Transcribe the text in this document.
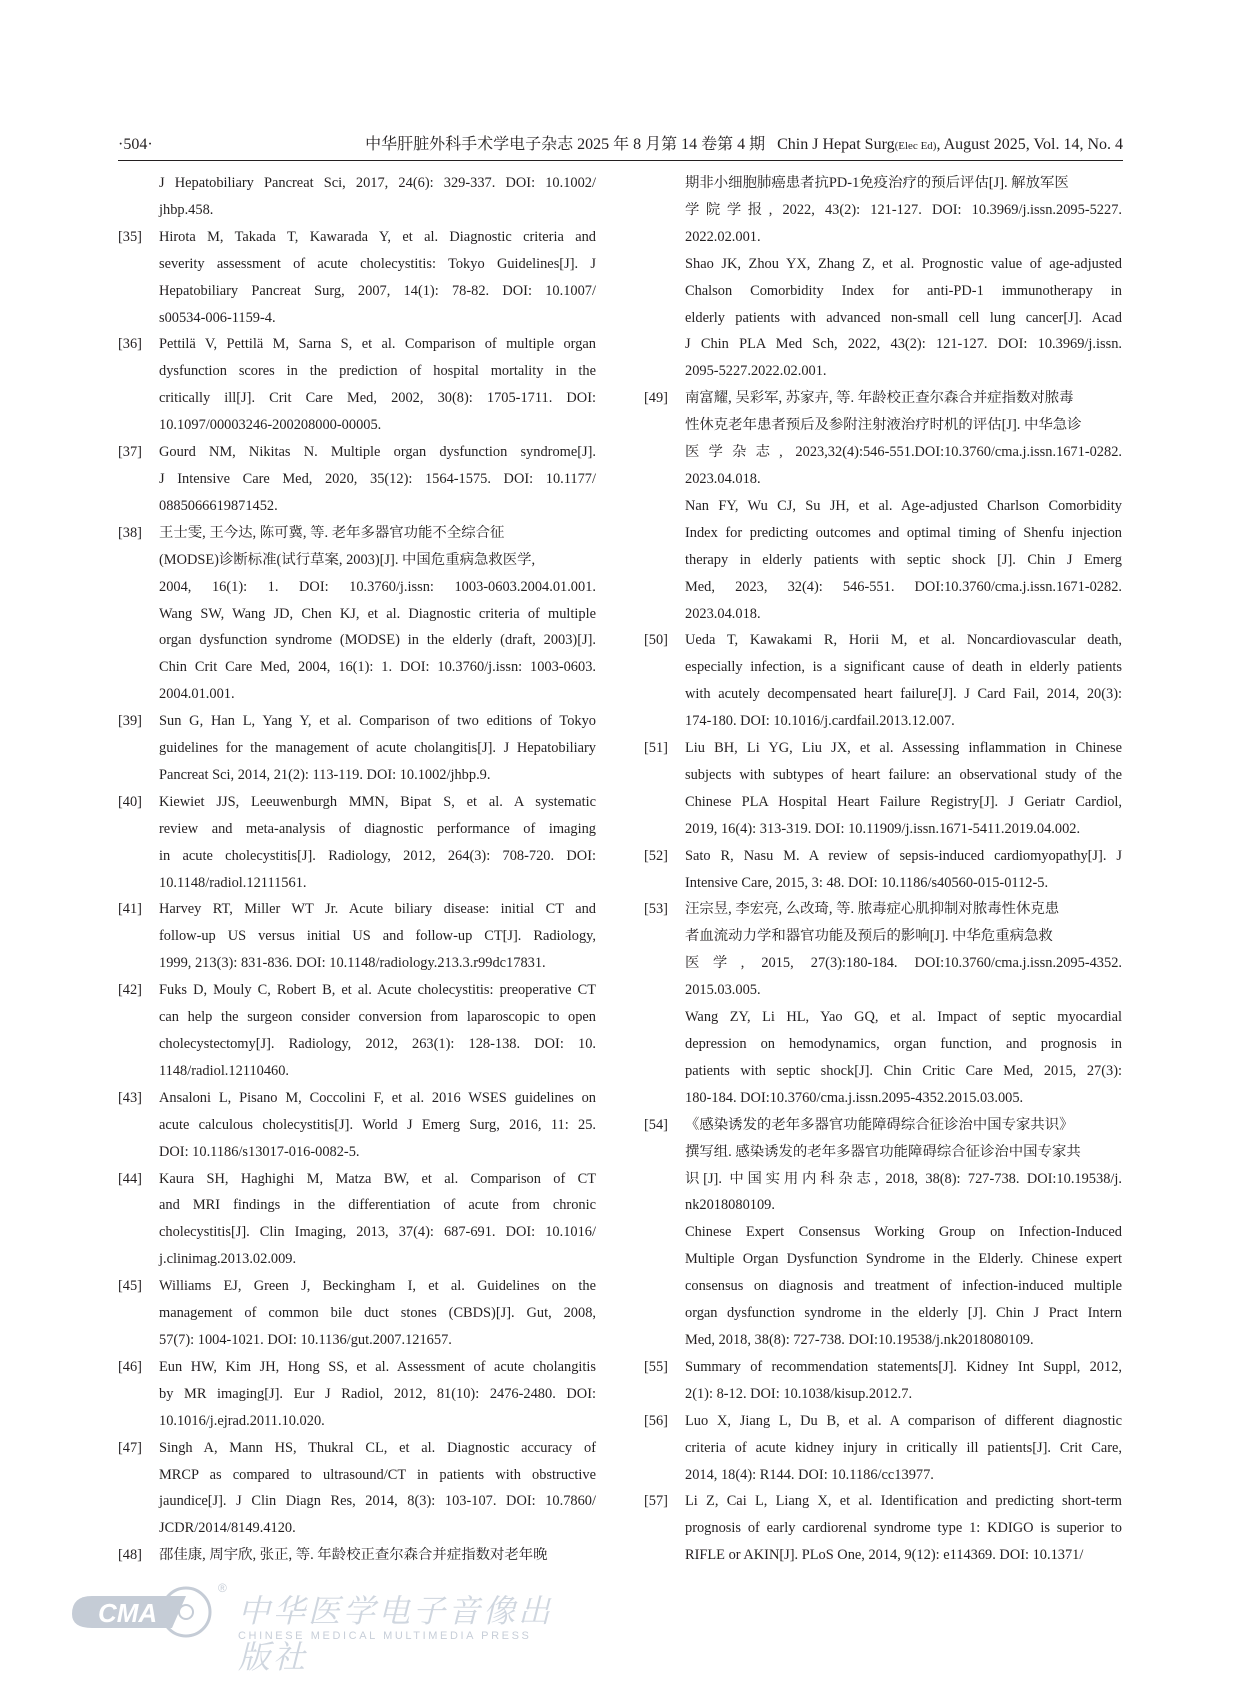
·504·	中华肝脏外科手术学电子杂志 2025 年 8 月第 14 卷第 4 期 Chin J Hepat Surg(Elec Ed), August 2025, Vol. 14, No. 4
J Hepatobiliary Pancreat Sci, 2017, 24(6): 329-337. DOI: 10.1002/
jhbp.458.
[35] Hirota M, Takada T, Kawarada Y, et al. Diagnostic criteria and
severity assessment of acute cholecystitis: Tokyo Guidelines[J]. J
Hepatobiliary Pancreat Surg, 2007, 14(1): 78-82. DOI: 10.1007/
s00534-006-1159-4.
[36] Pettilä V, Pettilä M, Sarna S, et al. Comparison of multiple organ
dysfunction scores in the prediction of hospital mortality in the
critically ill[J]. Crit Care Med, 2002, 30(8): 1705-1711. DOI:
10.1097/00003246-200208000-00005.
[37] Gourd NM, Nikitas N. Multiple organ dysfunction syndrome[J].
J Intensive Care Med, 2020, 35(12): 1564-1575. DOI: 10.1177/
0885066619871452.
[38] 王士雯, 王今达, 陈可冀, 等. 老年多器官功能不全综合征
(MODSE)诊断标准(试行草案, 2003)[J]. 中国危重病急救医学,
2004, 16(1): 1. DOI: 10.3760/j.issn: 1003-0603.2004.01.001.
Wang SW, Wang JD, Chen KJ, et al. Diagnostic criteria of multiple
organ dysfunction syndrome (MODSE) in the elderly (draft, 2003)[J].
Chin Crit Care Med, 2004, 16(1): 1. DOI: 10.3760/j.issn: 1003-0603.
2004.01.001.
[39] Sun G, Han L, Yang Y, et al. Comparison of two editions of Tokyo
guidelines for the management of acute cholangitis[J]. J Hepatobiliary
Pancreat Sci, 2014, 21(2): 113-119. DOI: 10.1002/jhbp.9.
[40] Kiewiet JJS, Leeuwenburgh MMN, Bipat S, et al. A systematic
review and meta-analysis of diagnostic performance of imaging
in acute cholecystitis[J]. Radiology, 2012, 264(3): 708-720. DOI:
10.1148/radiol.12111561.
[41] Harvey RT, Miller WT Jr. Acute biliary disease: initial CT and
follow-up US versus initial US and follow-up CT[J]. Radiology,
1999, 213(3): 831-836. DOI: 10.1148/radiology.213.3.r99dc17831.
[42] Fuks D, Mouly C, Robert B, et al. Acute cholecystitis: preoperative CT
can help the surgeon consider conversion from laparoscopic to open
cholecystectomy[J]. Radiology, 2012, 263(1): 128-138. DOI: 10.
1148/radiol.12110460.
[43] Ansaloni L, Pisano M, Coccolini F, et al. 2016 WSES guidelines on
acute calculous cholecystitis[J]. World J Emerg Surg, 2016, 11: 25.
DOI: 10.1186/s13017-016-0082-5.
[44] Kaura SH, Haghighi M, Matza BW, et al. Comparison of CT
and MRI findings in the differentiation of acute from chronic
cholecystitis[J]. Clin Imaging, 2013, 37(4): 687-691. DOI: 10.1016/
j.clinimag.2013.02.009.
[45] Williams EJ, Green J, Beckingham I, et al. Guidelines on the
management of common bile duct stones (CBDS)[J]. Gut, 2008,
57(7): 1004-1021. DOI: 10.1136/gut.2007.121657.
[46] Eun HW, Kim JH, Hong SS, et al. Assessment of acute cholangitis
by MR imaging[J]. Eur J Radiol, 2012, 81(10): 2476-2480. DOI:
10.1016/j.ejrad.2011.10.020.
[47] Singh A, Mann HS, Thukral CL, et al. Diagnostic accuracy of
MRCP as compared to ultrasound/CT in patients with obstructive
jaundice[J]. J Clin Diagn Res, 2014, 8(3): 103-107. DOI: 10.7860/
JCDR/2014/8149.4120.
[48] 邵佳康, 周宇欣, 张正, 等. 年龄校正查尔森合并症指数对老年晚
期非小细胞肺癌患者抗PD-1免疫治疗的预后评估[J]. 解放军医
学院学报, 2022, 43(2): 121-127. DOI: 10.3969/j.issn.2095-5227.
2022.02.001.
Shao JK, Zhou YX, Zhang Z, et al. Prognostic value of age-adjusted
Chalson Comorbidity Index for anti-PD-1 immunotherapy in
elderly patients with advanced non-small cell lung cancer[J]. Acad
J Chin PLA Med Sch, 2022, 43(2): 121-127. DOI: 10.3969/j.issn.
2095-5227.2022.02.001.
[49] 南富耀, 吴彩军, 苏家卉, 等. 年龄校正查尔森合并症指数对脓毒
性休克老年患者预后及参附注射液治疗时机的评估[J]. 中华急诊
医学杂志, 2023,32(4):546-551.DOI:10.3760/cma.j.issn.1671-0282.
2023.04.018.
Nan FY, Wu CJ, Su JH, et al. Age-adjusted Charlson Comorbidity
Index for predicting outcomes and optimal timing of Shenfu injection
therapy in elderly patients with septic shock [J]. Chin J Emerg
Med, 2023, 32(4): 546-551. DOI:10.3760/cma.j.issn.1671-0282.
2023.04.018.
[50] Ueda T, Kawakami R, Horii M, et al. Noncardiovascular death,
especially infection, is a significant cause of death in elderly patients
with acutely decompensated heart failure[J]. J Card Fail, 2014, 20(3):
174-180. DOI: 10.1016/j.cardfail.2013.12.007.
[51] Liu BH, Li YG, Liu JX, et al. Assessing inflammation in Chinese
subjects with subtypes of heart failure: an observational study of the
Chinese PLA Hospital Heart Failure Registry[J]. J Geriatr Cardiol,
2019, 16(4): 313-319. DOI: 10.11909/j.issn.1671-5411.2019.04.002.
[52] Sato R, Nasu M. A review of sepsis-induced cardiomyopathy[J]. J
Intensive Care, 2015, 3: 48. DOI: 10.1186/s40560-015-0112-5.
[53] 汪宗昱, 李宏亮, 么改琦, 等. 脓毒症心肌抑制对脓毒性休克患
者血流动力学和器官功能及预后的影响[J]. 中华危重病急救
医学, 2015, 27(3):180-184. DOI:10.3760/cma.j.issn.2095-4352.
2015.03.005.
Wang ZY, Li HL, Yao GQ, et al. Impact of septic myocardial
depression on hemodynamics, organ function, and prognosis in
patients with septic shock[J]. Chin Critic Care Med, 2015, 27(3):
180-184. DOI:10.3760/cma.j.issn.2095-4352.2015.03.005.
[54] 《感染诱发的老年多器官功能障碍综合征诊治中国专家共识》
撰写组. 感染诱发的老年多器官功能障碍综合征诊治中国专家共
识[J]. 中国实用内科杂志, 2018, 38(8): 727-738. DOI:10.19538/j.
nk2018080109.
Chinese Expert Consensus Working Group on Infection-Induced
Multiple Organ Dysfunction Syndrome in the Elderly. Chinese expert
consensus on diagnosis and treatment of infection-induced multiple
organ dysfunction syndrome in the elderly [J]. Chin J Pract Intern
Med, 2018, 38(8): 727-738. DOI:10.19538/j.nk2018080109.
[55] Summary of recommendation statements[J]. Kidney Int Suppl, 2012,
2(1): 8-12. DOI: 10.1038/kisup.2012.7.
[56] Luo X, Jiang L, Du B, et al. A comparison of different diagnostic
criteria of acute kidney injury in critically ill patients[J]. Crit Care,
2014, 18(4): R144. DOI: 10.1186/cc13977.
[57] Li Z, Cai L, Liang X, et al. Identification and predicting short-term
prognosis of early cardiorenal syndrome type 1: KDIGO is superior to
RIFLE or AKIN[J]. PLoS One, 2014, 9(12): e114369. DOI: 10.1371/
CMA
®
中华医学电子音像出版社
CHINESE MEDICAL MULTIMEDIA PRESS
